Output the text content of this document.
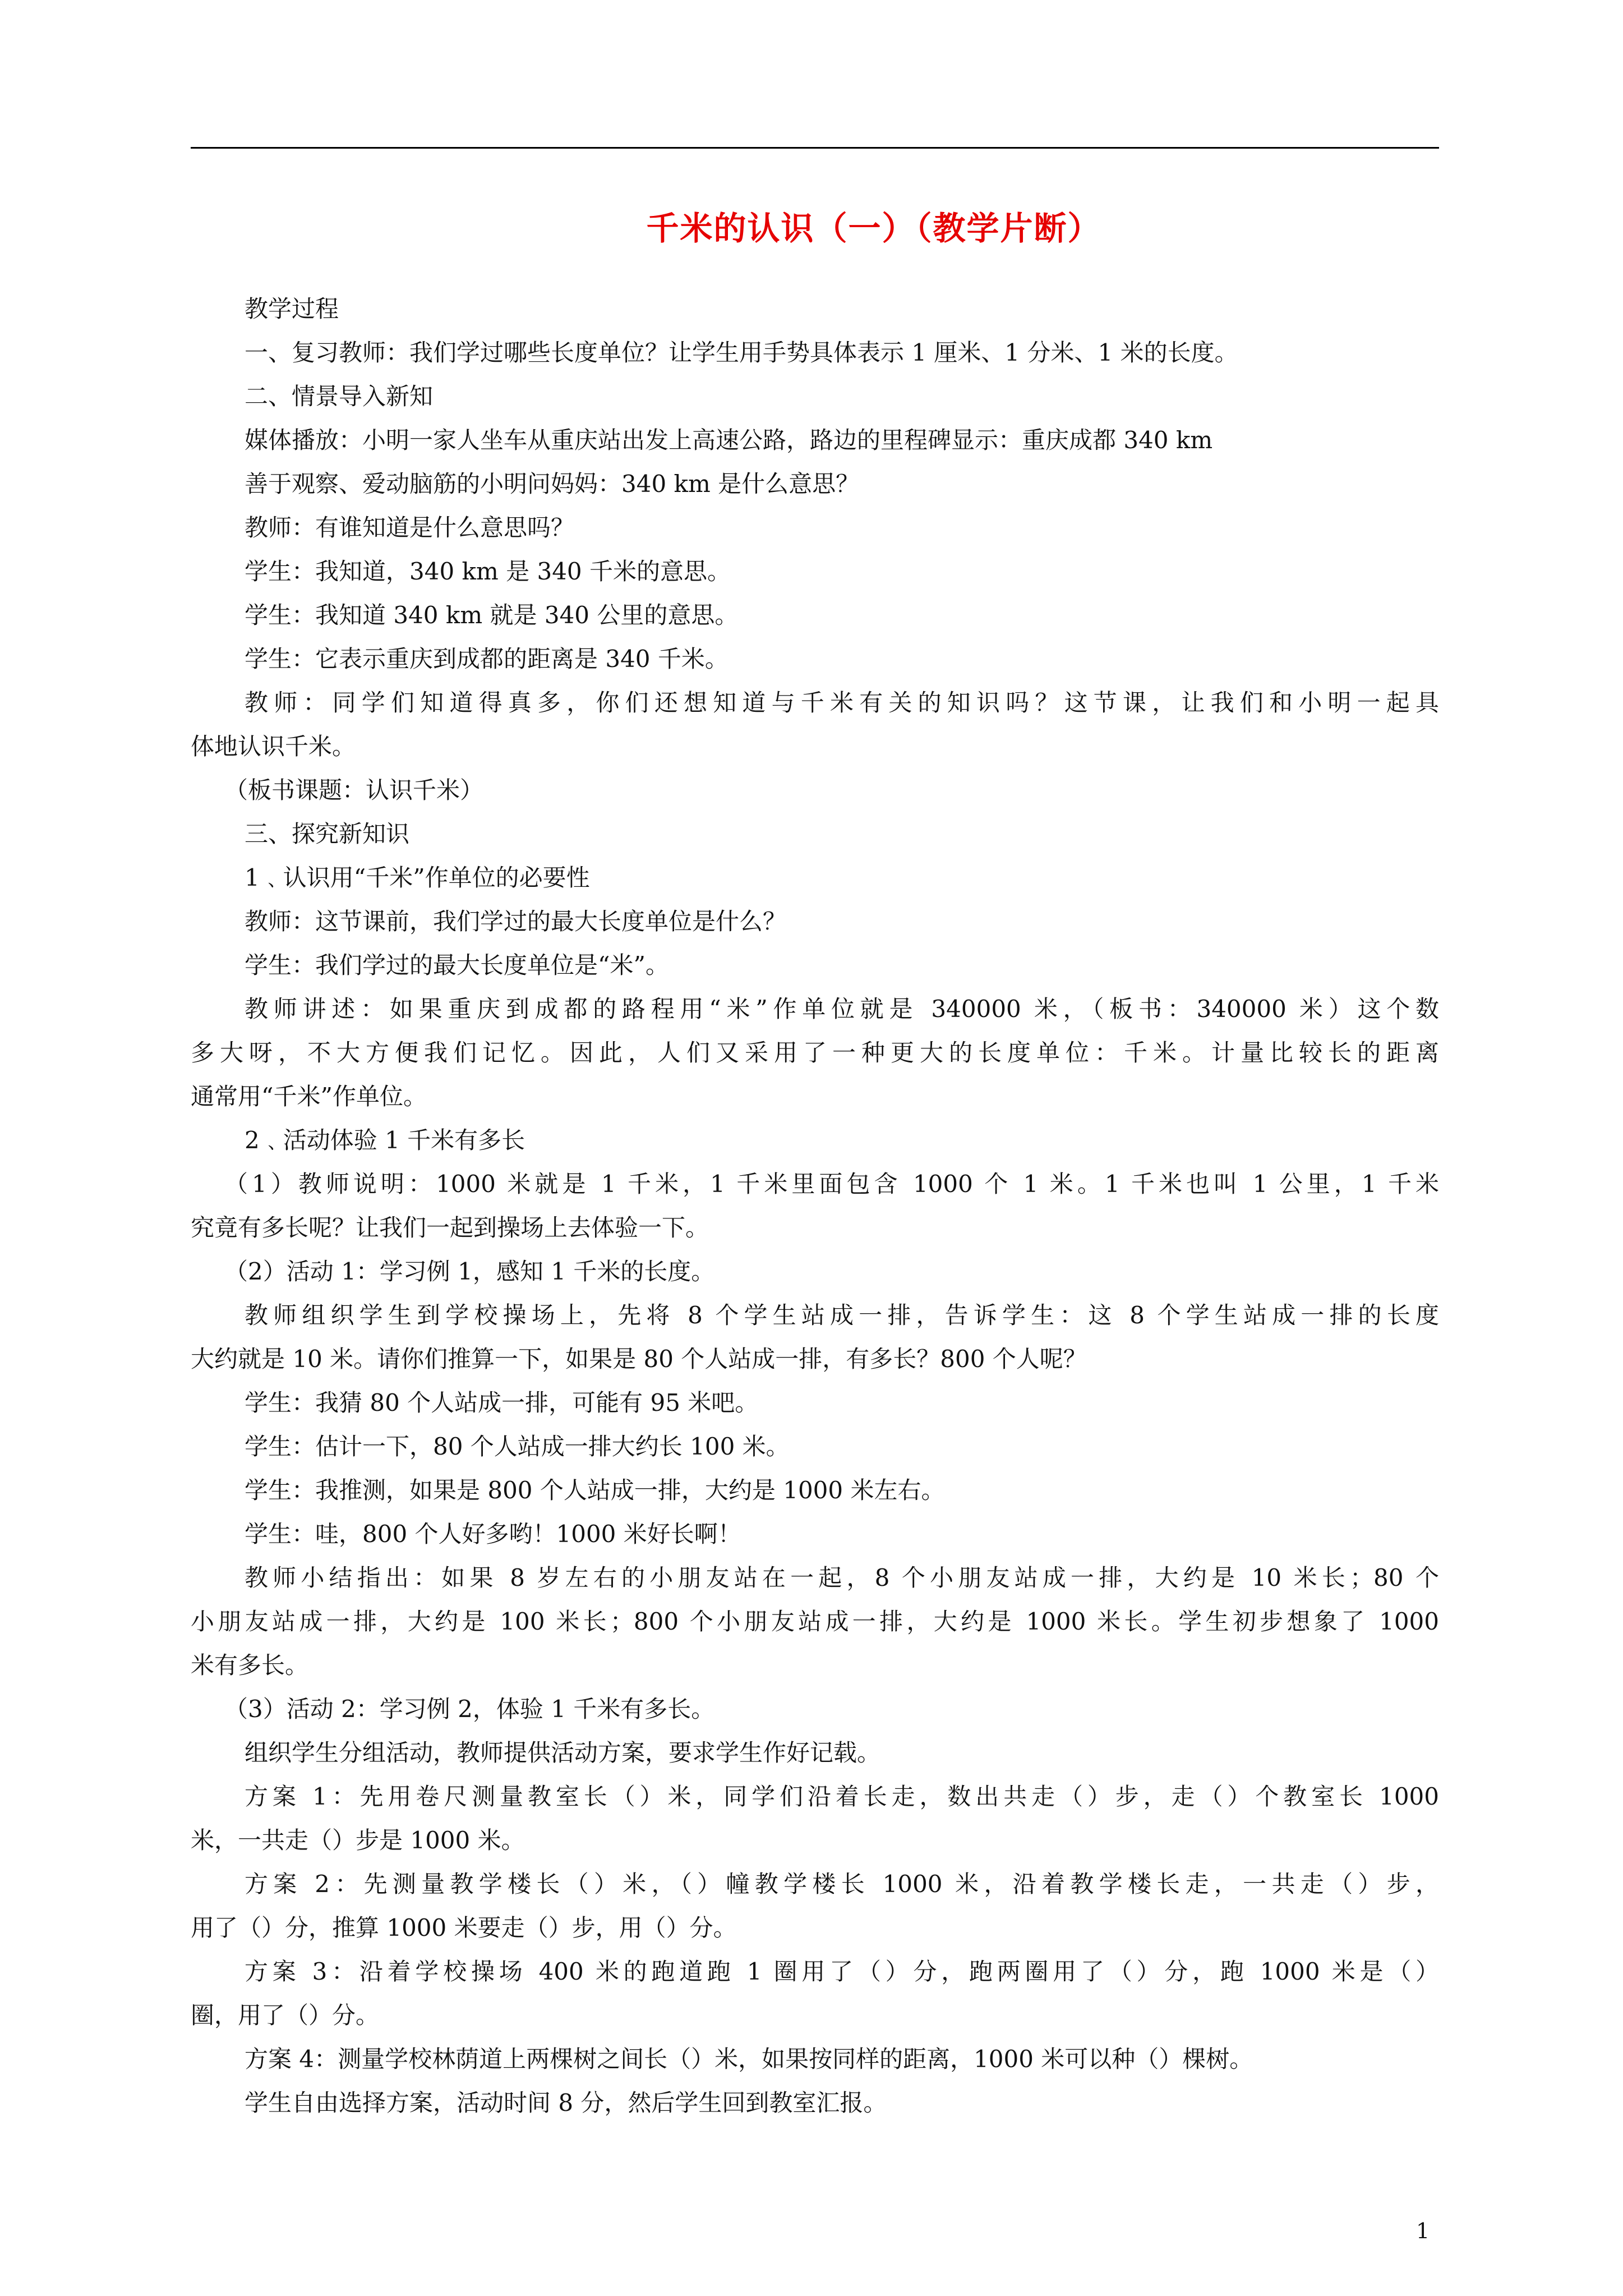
千米的认识（一）（教学片断）
教学过程
一、复习教师：我们学过哪些长度单位？让学生用手势具体表示 1 厘米、1 分米、1 米的长度。
二、情景导入新知
媒体播放：小明一家人坐车从重庆站出发上高速公路，路边的里程碑显示：重庆成都 340 km
善于观察、爱动脑筋的小明问妈妈：340 km 是什么意思？
教师：有谁知道是什么意思吗？
学生：我知道，340 km 是 340 千米的意思。
学生：我知道 340 km 就是 340 公里的意思。
学生：它表示重庆到成都的距离是 340 千米。
教师：同学们知道得真多，你们还想知道与千米有关的知识吗？这节课，让我们和小明一起具
体地认识千米。
（板书课题：认识千米）
三、探究新知识
1﹑认识用“千米”作单位的必要性
教师：这节课前，我们学过的最大长度单位是什么？
学生：我们学过的最大长度单位是“米”。
教师讲述：如果重庆到成都的路程用“米”作单位就是 340000 米，（板书：340000 米）这个数
多大呀，不大方便我们记忆。因此，人们又采用了一种更大的长度单位：千米。计量比较长的距离
通常用“千米”作单位。
2﹑活动体验 1 千米有多长
（1）教师说明：1000 米就是 1 千米，1 千米里面包含 1000 个 1 米。1 千米也叫 1 公里，1 千米
究竟有多长呢？让我们一起到操场上去体验一下。
（2）活动 1：学习例 1，感知 1 千米的长度。
教师组织学生到学校操场上，先将 8 个学生站成一排，告诉学生：这 8 个学生站成一排的长度
大约就是 10 米。请你们推算一下，如果是 80 个人站成一排，有多长？800 个人呢？
学生：我猜 80 个人站成一排，可能有 95 米吧。
学生：估计一下，80 个人站成一排大约长 100 米。
学生：我推测，如果是 800 个人站成一排，大约是 1000 米左右。
学生：哇，800 个人好多哟！1000 米好长啊！
教师小结指出：如果 8 岁左右的小朋友站在一起，8 个小朋友站成一排，大约是 10 米长；80 个
小朋友站成一排，大约是 100 米长；800 个小朋友站成一排，大约是 1000 米长。学生初步想象了 1000
米有多长。
（3）活动 2：学习例 2，体验 1 千米有多长。
组织学生分组活动，教师提供活动方案，要求学生作好记载。
方案 1：先用卷尺测量教室长（）米，同学们沿着长走，数出共走（）步，走（）个教室长 1000
米，一共走（）步是 1000 米。
方案 2：先测量教学楼长（）米，（）幢教学楼长 1000 米，沿着教学楼长走，一共走（）步，
用了（）分，推算 1000 米要走（）步，用（）分。
方案 3：沿着学校操场 400 米的跑道跑 1 圈用了（）分，跑两圈用了（）分，跑 1000 米是（）
圈，用了（）分。
方案 4：测量学校林荫道上两棵树之间长（）米，如果按同样的距离，1000 米可以种（）棵树。
学生自由选择方案，活动时间 8 分，然后学生回到教室汇报。
1
